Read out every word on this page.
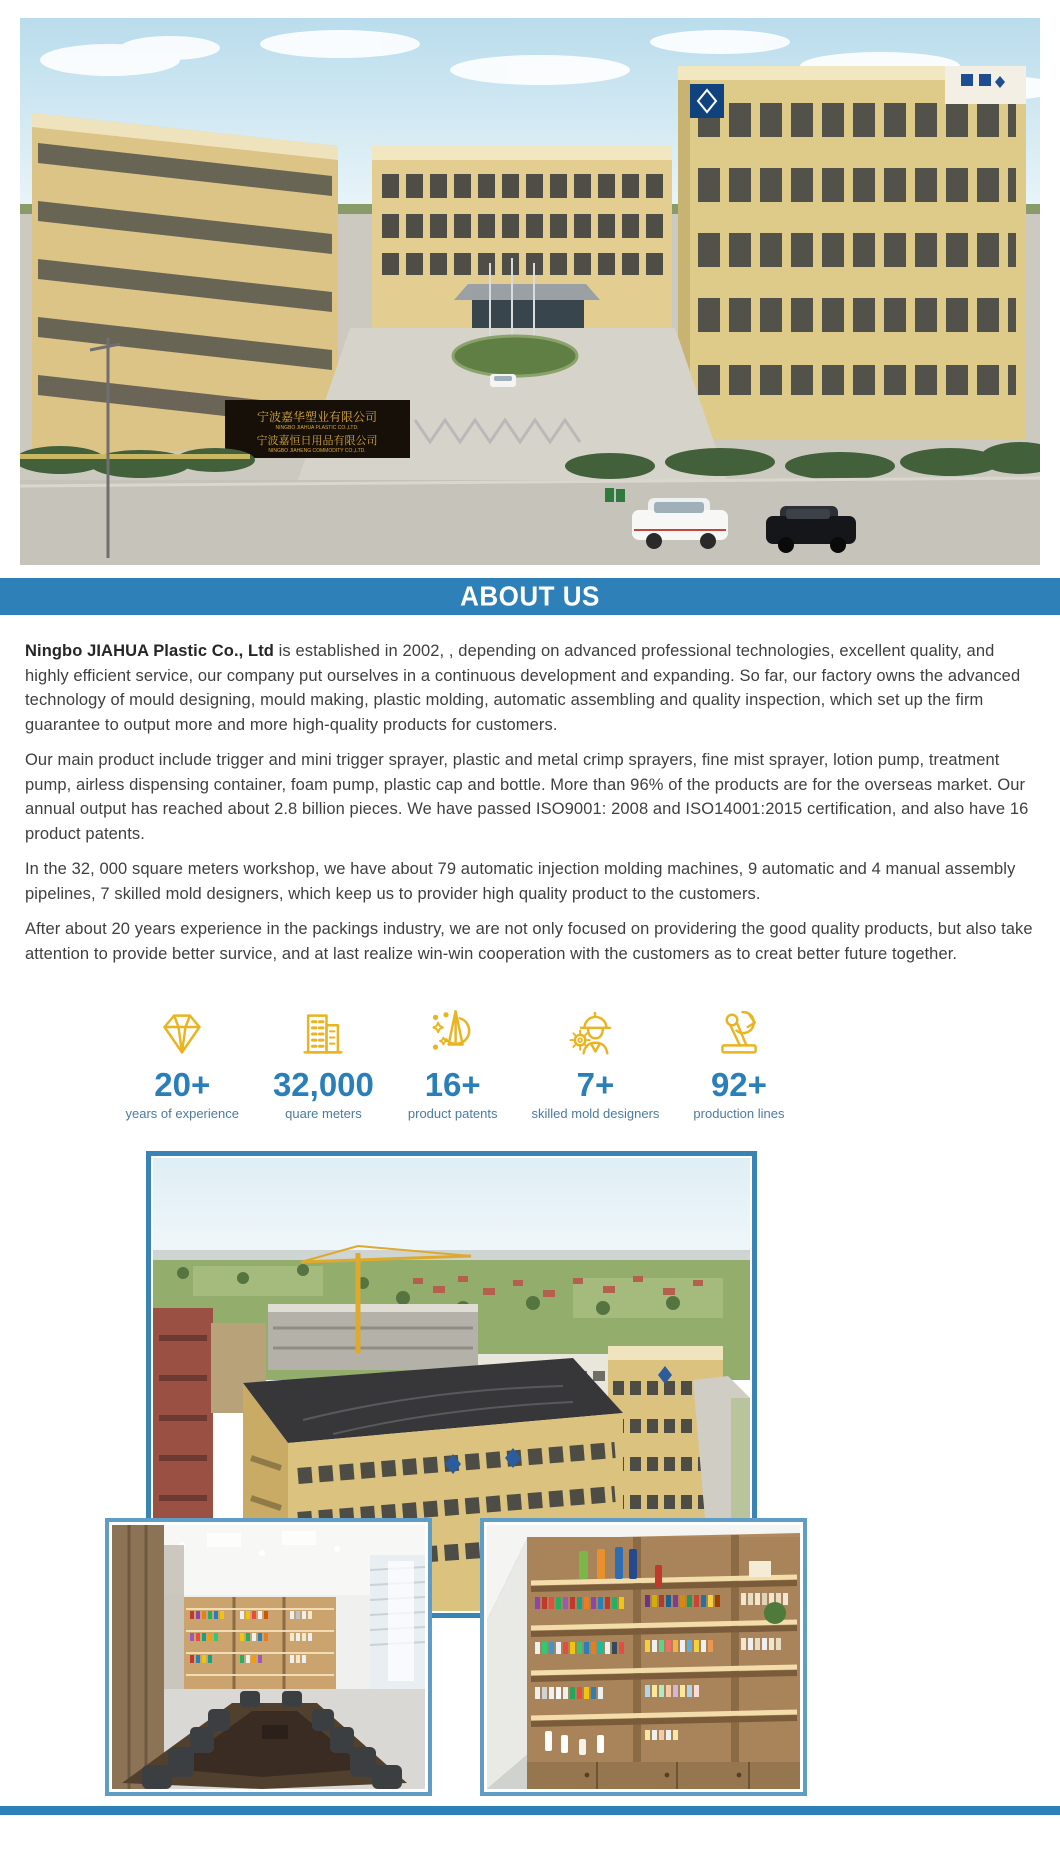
宁波嘉华塑业有限公司
NINGBO JIAHUA PLASTIC CO.,LTD.
宁波嘉恒日用品有限公司
NINGBO JIAHENG COMMODITY CO.,LTD.
ABOUT US

Ningbo JIAHUA Plastic Co., Ltd is established in 2002, , depending on advanced professional technologies, excellent quality, and highly efficient service, our company put ourselves in a continuous development and expanding. So far, our factory owns the advanced technology of mould designing, mould making, plastic molding, automatic assembling and quality inspection, which set up the firm guarantee to output more and more high-quality products for customers.

Our main product include trigger and mini trigger sprayer, plastic and metal crimp sprayers, fine mist sprayer, lotion pump, treatment pump, airless dispensing container, foam pump, plastic cap and bottle. More than 96% of the products are for the overseas market. Our annual output has reached about 2.8 billion pieces. We have passed ISO9001: 2008 and ISO14001:2015 certification, and also have 16 product patents.

In the 32, 000 square meters workshop, we have about 79 automatic injection molding machines, 9 automatic and 4 manual assembly pipelines, 7 skilled mold designers, which keep us to provider high quality product to the customers.

After about 20 years experience in the packings industry, we are not only focused on providering the good quality products, but also take attention to provide better survice, and at last realize win-win cooperation with the customers as to creat better future together.

20+
years of experience
32,000
quare meters
16+
product patents
7+
skilled mold designers
92+
production lines
